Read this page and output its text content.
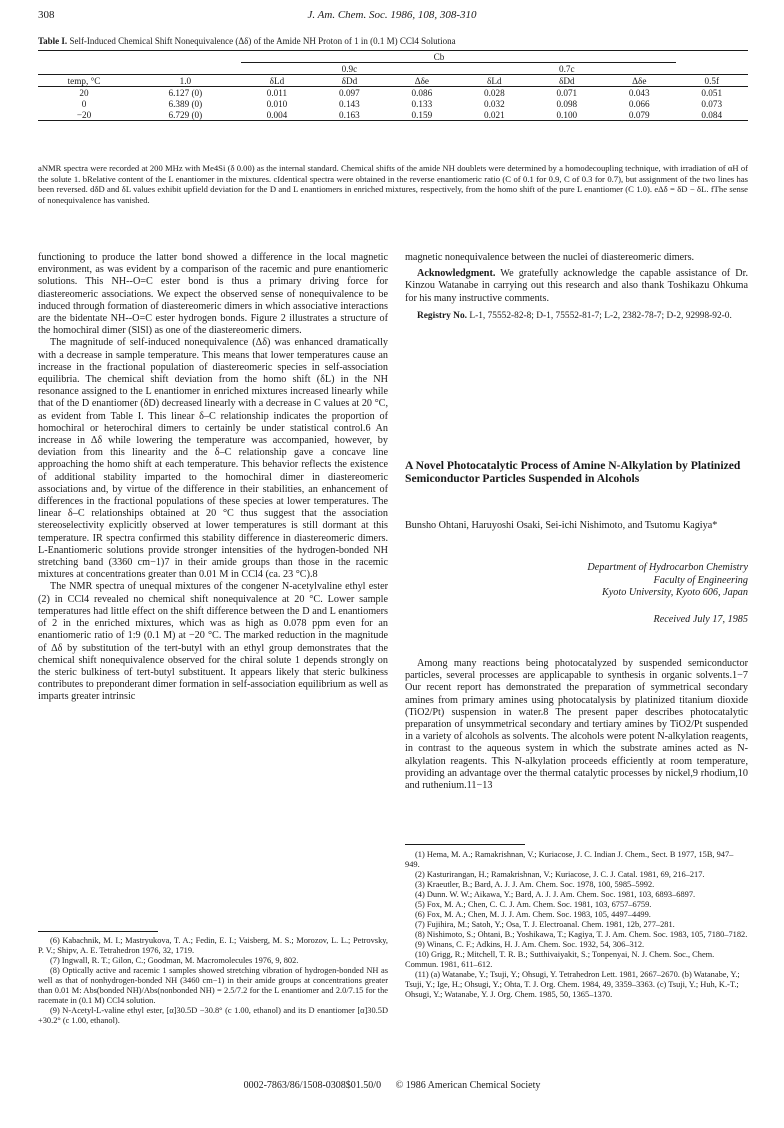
308	J. Am. Chem. Soc. 1986, 108, 308-310
Table I. Self-Induced Chemical Shift Nonequivalence (Δδ) of the Amide NH Proton of 1 in (0.1 M) CCl4 Solutiona
	Cb							
		0.9c			0.7c			
temp, °C	1.0	δLd	δDd	Δδe	δLd	δDd	Δδe	0.5f
20	6.127 (0)	0.011	0.097	0.086	0.028	0.071	0.043	0.051
0	6.389 (0)	0.010	0.143	0.133	0.032	0.098	0.066	0.073
−20	6.729 (0)	0.004	0.163	0.159	0.021	0.100	0.079	0.084

aNMR spectra were recorded at 200 MHz with Me4Si (δ 0.00) as the internal standard. Chemical shifts of the amide NH doublets were determined by a homodecoupling technique, with irradiation of αH of the solute 1. bRelative content of the L enantiomer in the mixtures. cIdentical spectra were obtained in the reverse enantiomeric ratio (C of 0.1 for 0.9, C of 0.3 for 0.7), but assignment of the two lines has been reversed. dδD and δL values exhibit upfield deviation for the D and L enantiomers in enriched mixtures, respectively, from the homo shift of the pure L enantiomer (C 1.0). eΔδ = δD − δL. fThe sense of nonequivalence has vanished.

functioning to produce the latter bond showed a difference in the local magnetic environment, as was evident by a comparison of the racemic and pure enantiomeric solutions. This NH--O=C ester bond is thus a primary driving force for diastereomeric associations. We expect the observed sense of nonequivalence to be induced through formation of diastereomeric dimers in which associative interactions are the bidentate NH--O=C ester hydrogen bonds. Figure 2 illustrates a structure of the homochiral dimer (SlSl) as one of the diastereomeric dimers.

The magnitude of self-induced nonequivalence (Δδ) was enhanced dramatically with a decrease in sample temperature. This means that lower temperatures cause an increase in the fractional population of diastereomeric species in self-association equilibria. The chemical shift deviation from the homo shift (δL) in the NH resonance assigned to the L enantiomer in enriched mixtures increased linearly while that of the D enantiomer (δD) decreased linearly with a decrease in C values at 20 °C, as evident from Table I. This linear δ–C relationship indicates the proportion of homochiral or heterochiral dimers to certainly be under statistical control.6 An increase in Δδ while lowering the temperature was accompanied, however, by deviation from this linearity and the δ–C relationship gave a concave line approaching the homo shift at each temperature. This behavior reflects the existence of additional stability imparted to the homochiral dimer in diastereomeric associations and, by virtue of the difference in their stabilities, an enhancement of differences in the fractional populations of these species at lower temperatures. The linear δ–C relationships obtained at 20 °C thus suggest that the association stereoselectivity explicitly observed at lower temperatures is still dormant at this temperature. IR spectra confirmed this stability difference in diastereomeric dimers. L-Enantiomeric solutions provide stronger intensities of the hydrogen-bonded NH stretching band (3360 cm−1)7 in their amide groups than those in the racemic mixtures at concentrations greater than 0.01 M in CCl4 (ca. 23 °C).8

The NMR spectra of unequal mixtures of the congener N-acetylvaline ethyl ester (2) in CCl4 revealed no chemical shift nonequivalence at 20 °C. Lower sample temperatures had little effect on the shift difference between the D and L enantiomers of 2 in the enriched mixtures, which was as high as 0.078 ppm even for an enantiomeric ratio of 1:9 (0.1 M) at −20 °C. The marked reduction in the magnitude of Δδ by substitution of the tert-butyl with an ethyl group demonstrates that the chemical shift nonequivalence observed for the chiral solute 1 depends strongly on the steric bulkiness of tert-butyl substituent. It appears likely that steric bulkiness contributes to preponderant dimer formation in self-association equilibrium as well as imparts greater intrinsic

(6) Kabachnik, M. I.; Mastryukova, T. A.; Fedin, E. I.; Vaisberg, M. S.; Morozov, L. L.; Petrovsky, P. V.; Shipv, A. E. Tetrahedron 1976, 32, 1719.

(7) Ingwall, R. T.; Gilon, C.; Goodman, M. Macromolecules 1976, 9, 802.

(8) Optically active and racemic 1 samples showed stretching vibration of hydrogen-bonded NH as well as that of nonhydrogen-bonded NH (3460 cm−1) in their amide groups at concentrations greater than 0.01 M: Abs(bonded NH)/Abs(nonbonded NH) = 2.5/7.2 for the L enantiomer and 2.0/7.15 for the racemate in (0.1 M) CCl4 solution.

(9) N-Acetyl-L-valine ethyl ester, [α]30.5D −30.8° (c 1.00, ethanol) and its D enantiomer [α]30.5D +30.2° (c 1.00, ethanol).

magnetic nonequivalence between the nuclei of diastereomeric dimers.

Acknowledgment. We gratefully acknowledge the capable assistance of Dr. Kinzou Watanabe in carrying out this research and also thank Toshikazu Ohkuma for his many instructive comments.

Registry No. L-1, 75552-82-8; D-1, 75552-81-7; L-2, 2382-78-7; D-2, 92998-92-0.

A Novel Photocatalytic Process of Amine N-Alkylation by Platinized Semiconductor Particles Suspended in Alcohols
Bunsho Ohtani, Haruyoshi Osaki, Sei-ichi Nishimoto, and Tsutomu Kagiya*
Department of Hydrocarbon Chemistry
Faculty of Engineering
Kyoto University, Kyoto 606, Japan
Received July 17, 1985
Among many reactions being photocatalyzed by suspended semiconductor particles, several processes are applicapable to synthesis in organic solvents.1−7 Our recent report has demonstrated the preparation of symmetrical secondary amines from primary amines using photocatalysis by platinized titanium dioxide (TiO2/Pt) suspension in water.8 The present paper describes photocatalytic preparation of unsymmetrical secondary and tertiary amines by TiO2/Pt suspended in a variety of alcohols as solvents. The alcohols were potent N-alkylation reagents, in contrast to the aqueous system in which the substrate amines acted as N-alkylation reagents. This N-alkylation proceeds efficiently at room temperature, providing an advantage over the thermal catalytic processes by nickel,9 rhodium,10 and ruthenium.11−13

(1) Hema, M. A.; Ramakrishnan, V.; Kuriacose, J. C. Indian J. Chem., Sect. B 1977, 15B, 947–949.

(2) Kasturirangan, H.; Ramakrishnan, V.; Kuriacose, J. C. J. Catal. 1981, 69, 216–217.

(3) Kraeutler, B.; Bard, A. J. J. Am. Chem. Soc. 1978, 100, 5985–5992.

(4) Dunn. W. W.; Aikawa, Y.; Bard, A. J. J. Am. Chem. Soc. 1981, 103, 6893–6897.

(5) Fox, M. A.; Chen, C. C. J. Am. Chem. Soc. 1981, 103, 6757–6759.

(6) Fox, M. A.; Chen, M. J. J. Am. Chem. Soc. 1983, 105, 4497–4499.

(7) Fujihira, M.; Satoh, Y.; Osa, T. J. Electroanal. Chem. 1981, 12b, 277–281.

(8) Nishimoto, S.; Ohtani, B.; Yoshikawa, T.; Kagiya, T. J. Am. Chem. Soc. 1983, 105, 7180–7182.

(9) Winans, C. F.; Adkins, H. J. Am. Chem. Soc. 1932, 54, 306–312.

(10) Grigg, R.; Mitchell, T. R. B.; Sutthivaiyakit, S.; Tonpenyai, N. J. Chem. Soc., Chem. Commun. 1981, 611–612.

(11) (a) Watanabe, Y.; Tsuji, Y.; Ohsugi, Y. Tetrahedron Lett. 1981, 2667–2670. (b) Watanabe, Y.; Tsuji, Y.; Ige, H.; Ohsugi, Y.; Ohta, T. J. Org. Chem. 1984, 49, 3359–3363. (c) Tsuji, Y.; Huh, K.-T.; Ohsugi, Y.; Watanabe, Y. J. Org. Chem. 1985, 50, 1365–1370.

0002-7863/86/1508-0308$01.50/0 © 1986 American Chemical Society
